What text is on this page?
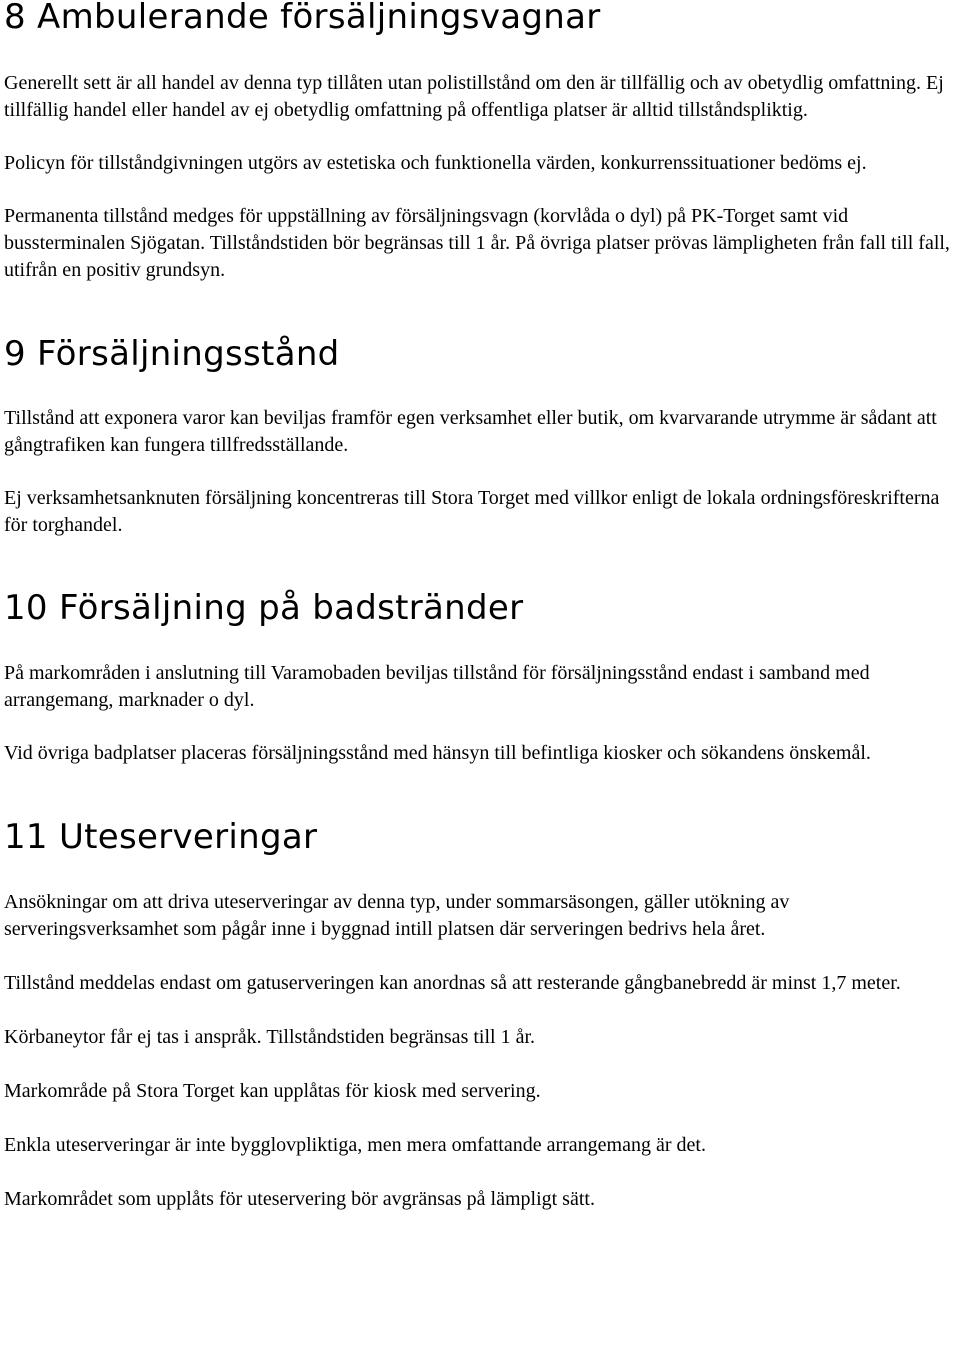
8 Ambulerande försäljningsvagnar

Generellt sett är all handel av denna typ tillåten utan polistillstånd om den är tillfällig och av obetydlig omfattning. Ej tillfällig handel eller handel av ej obetydlig omfattning på offentliga platser är alltid tillståndspliktig.

Policyn för tillståndgivningen utgörs av estetiska och funktionella värden, konkurrenssituationer bedöms ej.

Permanenta tillstånd medges för uppställning av försäljningsvagn (korvlåda o dyl) på PK-Torget samt vid bussterminalen Sjögatan. Tillståndstiden bör begränsas till 1 år. På övriga platser prövas lämpligheten från fall till fall, utifrån en positiv grundsyn.

9 Försäljningsstånd

Tillstånd att exponera varor kan beviljas framför egen verksamhet eller butik, om kvarvarande utrymme är sådant att gångtrafiken kan fungera tillfredsställande.

Ej verksamhetsanknuten försäljning koncentreras till Stora Torget med villkor enligt de lokala ordningsföreskrifterna för torghandel.

10 Försäljning på badstränder

På markområden i anslutning till Varamobaden beviljas tillstånd för försäljningsstånd endast i samband med arrangemang, marknader o dyl.

Vid övriga badplatser placeras försäljningsstånd med hänsyn till befintliga kiosker och sökandens önskemål.

11 Uteserveringar

Ansökningar om att driva uteserveringar av denna typ, under sommarsäsongen, gäller utökning av serveringsverksamhet som pågår inne i byggnad intill platsen där serveringen bedrivs hela året.

Tillstånd meddelas endast om gatuserveringen kan anordnas så att resterande gångbanebredd är minst 1,7 meter.

Körbaneytor får ej tas i anspråk. Tillståndstiden begränsas till 1 år.

Markområde på Stora Torget kan upplåtas för kiosk med servering.

Enkla uteserveringar är inte bygglovpliktiga, men mera omfattande arrangemang är det.

Markområdet som upplåts för uteservering bör avgränsas på lämpligt sätt.
